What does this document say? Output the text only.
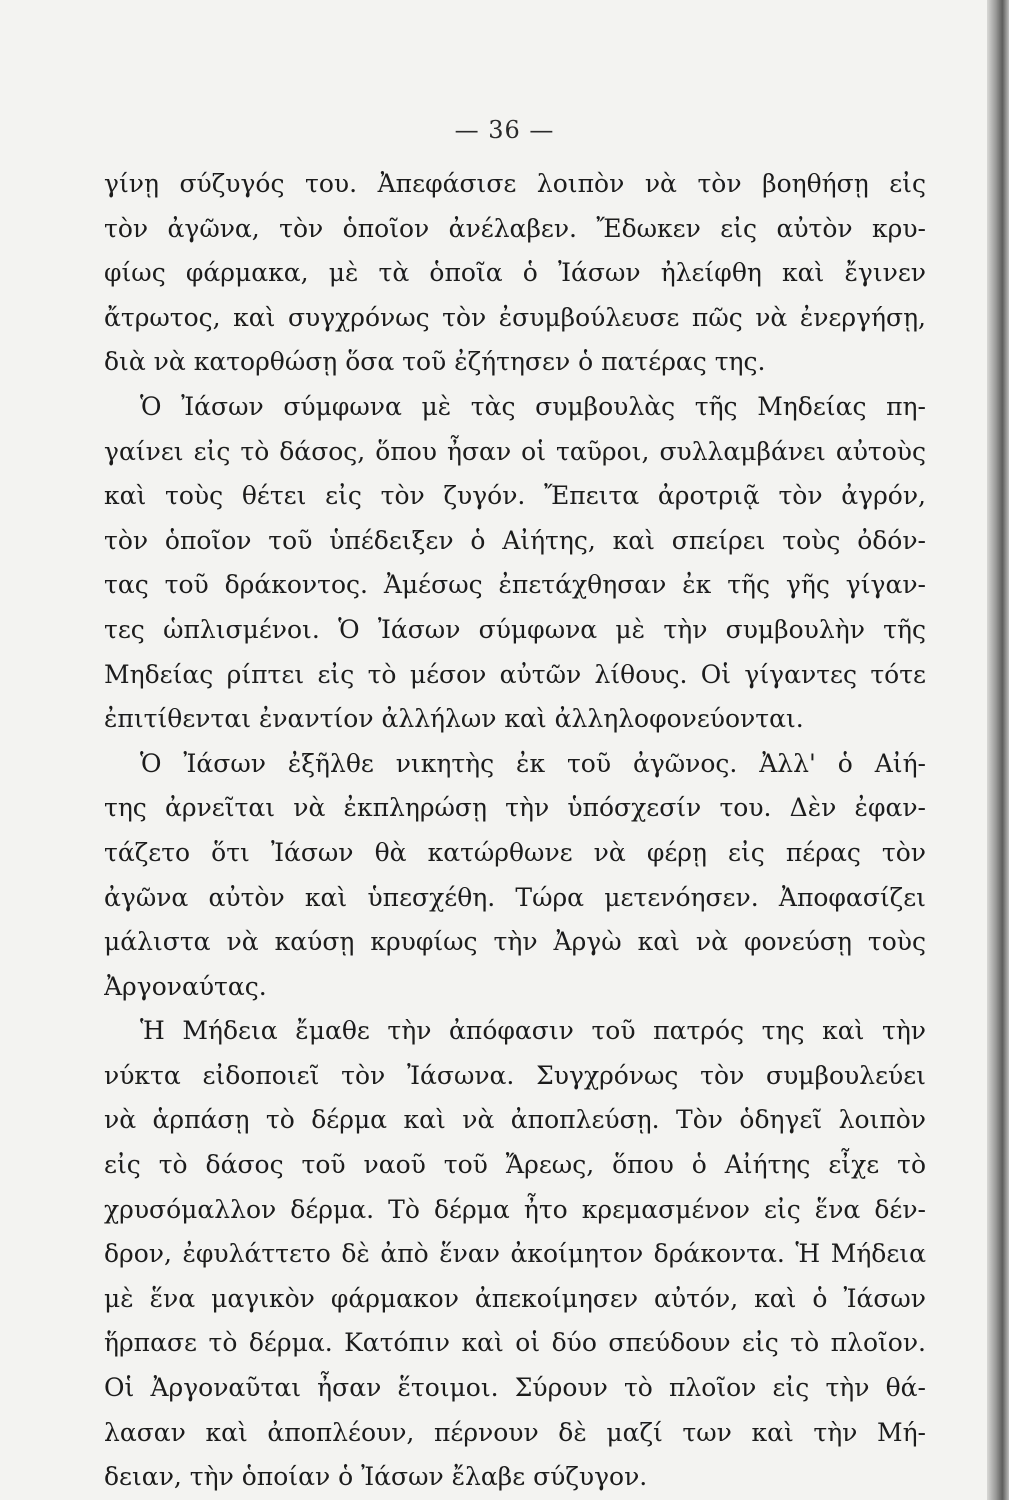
— 36 —
γίνῃ σύζυγός του. Ἀπεφάσισε λοιπὸν νὰ τὸν βοηθήσῃ εἰς
τὸν ἀγῶνα, τὸν ὁποῖον ἀνέλαβεν. Ἔδωκεν εἰς αὐτὸν κρυ-
φίως φάρμακα, μὲ τὰ ὁποῖα ὁ Ἰάσων ἠλείφθη καὶ ἔγινεν
ἄτρωτος, καὶ συγχρόνως τὸν ἐσυμβούλευσε πῶς νὰ ἐνεργήσῃ,
διὰ νὰ κατορθώσῃ ὅσα τοῦ ἐζήτησεν ὁ πατέρας της.
Ὁ Ἰάσων σύμφωνα μὲ τὰς συμβουλὰς τῆς Μηδείας πη-
γαίνει εἰς τὸ δάσος, ὅπου ἦσαν οἱ ταῦροι, συλλαμβάνει αὐτοὺς
καὶ τοὺς θέτει εἰς τὸν ζυγόν. Ἔπειτα ἀροτριᾷ τὸν ἀγρόν,
τὸν ὁποῖον τοῦ ὑπέδειξεν ὁ Αἰήτης, καὶ σπείρει τοὺς ὀδόν-
τας τοῦ δράκοντος. Ἀμέσως ἐπετάχθησαν ἐκ τῆς γῆς γίγαν-
τες ὡπλισμένοι. Ὁ Ἰάσων σύμφωνα μὲ τὴν συμβουλὴν τῆς
Μηδείας ρίπτει εἰς τὸ μέσον αὐτῶν λίθους. Οἱ γίγαντες τότε
ἐπιτίθενται ἐναντίον ἀλλήλων καὶ ἀλληλοφονεύονται.
Ὁ Ἰάσων ἐξῆλθε νικητὴς ἐκ τοῦ ἀγῶνος. Ἀλλ' ὁ Αἰή-
της ἀρνεῖται νὰ ἐκπληρώσῃ τὴν ὑπόσχεσίν του. Δὲν ἐφαν-
τάζετο ὅτι Ἰάσων θὰ κατώρθωνε νὰ φέρῃ εἰς πέρας τὸν
ἀγῶνα αὐτὸν καὶ ὑπεσχέθη. Τώρα μετενόησεν. Ἀποφασίζει
μάλιστα νὰ καύσῃ κρυφίως τὴν Ἀργὼ καὶ νὰ φονεύσῃ τοὺς
Ἀργοναύτας.
Ἡ Μήδεια ἔμαθε τὴν ἀπόφασιν τοῦ πατρός της καὶ τὴν
νύκτα εἰδοποιεῖ τὸν Ἰάσωνα. Συγχρόνως τὸν συμβουλεύει
νὰ ἁρπάσῃ τὸ δέρμα καὶ νὰ ἀποπλεύσῃ. Τὸν ὁδηγεῖ λοιπὸν
εἰς τὸ δάσος τοῦ ναοῦ τοῦ Ἄρεως, ὅπου ὁ Αἰήτης εἶχε τὸ
χρυσόμαλλον δέρμα. Τὸ δέρμα ἦτο κρεμασμένον εἰς ἕνα δέν-
δρον, ἐφυλάττετο δὲ ἀπὸ ἕναν ἀκοίμητον δράκοντα. Ἡ Μήδεια
μὲ ἕνα μαγικὸν φάρμακον ἀπεκοίμησεν αὐτόν, καὶ ὁ Ἰάσων
ἥρπασε τὸ δέρμα. Κατόπιν καὶ οἱ δύο σπεύδουν εἰς τὸ πλοῖον.
Οἱ Ἀργοναῦται ἦσαν ἕτοιμοι. Σύρουν τὸ πλοῖον εἰς τὴν θά-
λασαν καὶ ἀποπλέουν, πέρνουν δὲ μαζί των καὶ τὴν Μή-
δειαν, τὴν ὁποίαν ὁ Ἰάσων ἔλαβε σύζυγον.
